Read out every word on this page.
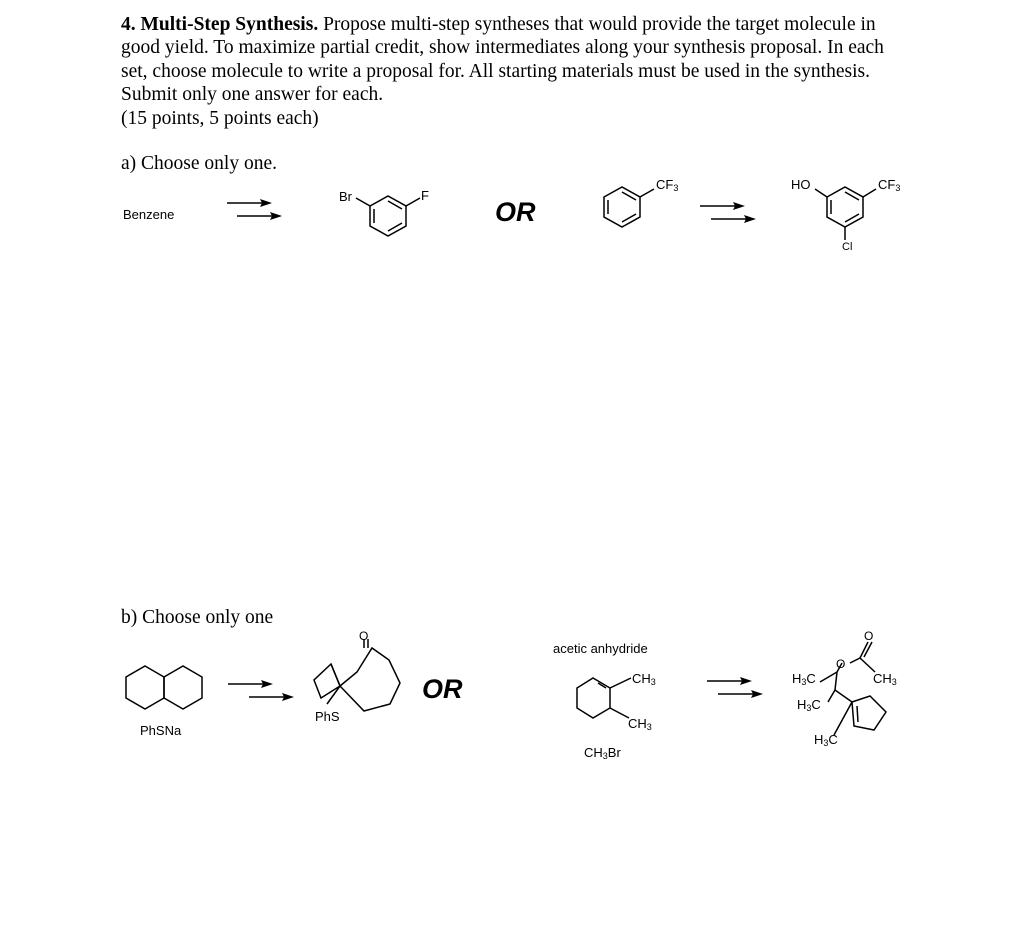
4. Multi-Step Synthesis. Propose multi-step syntheses that would provide the target molecule in good yield. To maximize partial credit, show intermediates along your synthesis proposal. In each set, choose molecule to write a proposal for. All starting materials must be used in the synthesis. Submit only one answer for each.

(15 points, 5 points each)

a) Choose only one.
Benzene
Br	F
OR
$CF_3$	HO	$CF_3$
Cl
b) Choose only one
PhSNa
O
PhS
OR
acetic anhydride
$CH_3$
$CH_3$
$CH_3Br$
O
O
$CH_3$
$H_3C$
$H_3C$
$H_3C$
